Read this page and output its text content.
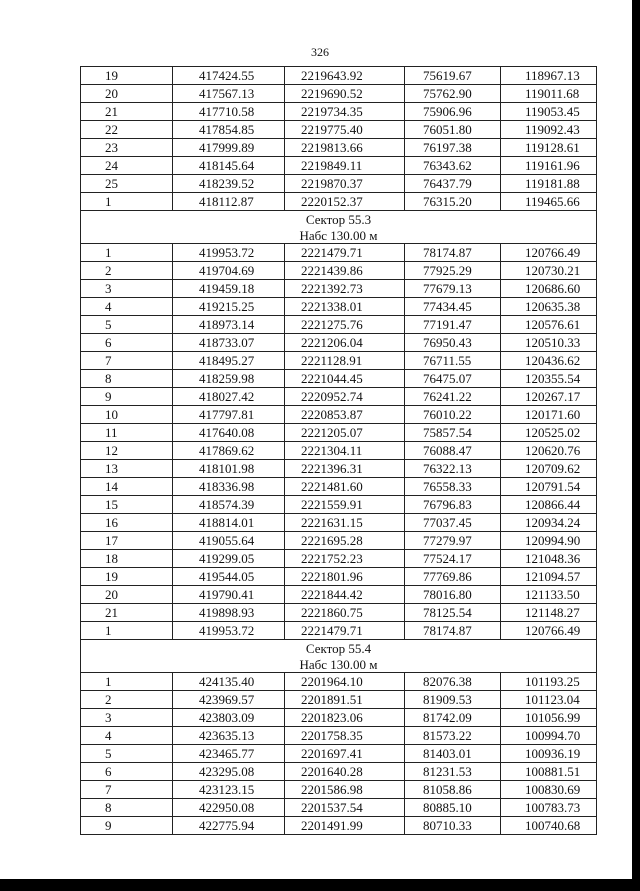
326
19	417424.55	2219643.92	75619.67	118967.13
20	417567.13	2219690.52	75762.90	119011.68
21	417710.58	2219734.35	75906.96	119053.45
22	417854.85	2219775.40	76051.80	119092.43
23	417999.89	2219813.66	76197.38	119128.61
24	418145.64	2219849.11	76343.62	119161.96
25	418239.52	2219870.37	76437.79	119181.88
1	418112.87	2220152.37	76315.20	119465.66
Сектор 55.3				
Набс 130.00 м				
1	419953.72	2221479.71	78174.87	120766.49
2	419704.69	2221439.86	77925.29	120730.21
3	419459.18	2221392.73	77679.13	120686.60
4	419215.25	2221338.01	77434.45	120635.38
5	418973.14	2221275.76	77191.47	120576.61
6	418733.07	2221206.04	76950.43	120510.33
7	418495.27	2221128.91	76711.55	120436.62
8	418259.98	2221044.45	76475.07	120355.54
9	418027.42	2220952.74	76241.22	120267.17
10	417797.81	2220853.87	76010.22	120171.60
11	417640.08	2221205.07	75857.54	120525.02
12	417869.62	2221304.11	76088.47	120620.76
13	418101.98	2221396.31	76322.13	120709.62
14	418336.98	2221481.60	76558.33	120791.54
15	418574.39	2221559.91	76796.83	120866.44
16	418814.01	2221631.15	77037.45	120934.24
17	419055.64	2221695.28	77279.97	120994.90
18	419299.05	2221752.23	77524.17	121048.36
19	419544.05	2221801.96	77769.86	121094.57
20	419790.41	2221844.42	78016.80	121133.50
21	419898.93	2221860.75	78125.54	121148.27
1	419953.72	2221479.71	78174.87	120766.49
Сектор 55.4				
Набс 130.00 м				
1	424135.40	2201964.10	82076.38	101193.25
2	423969.57	2201891.51	81909.53	101123.04
3	423803.09	2201823.06	81742.09	101056.99
4	423635.13	2201758.35	81573.22	100994.70
5	423465.77	2201697.41	81403.01	100936.19
6	423295.08	2201640.28	81231.53	100881.51
7	423123.15	2201586.98	81058.86	100830.69
8	422950.08	2201537.54	80885.10	100783.73
9	422775.94	2201491.99	80710.33	100740.68
